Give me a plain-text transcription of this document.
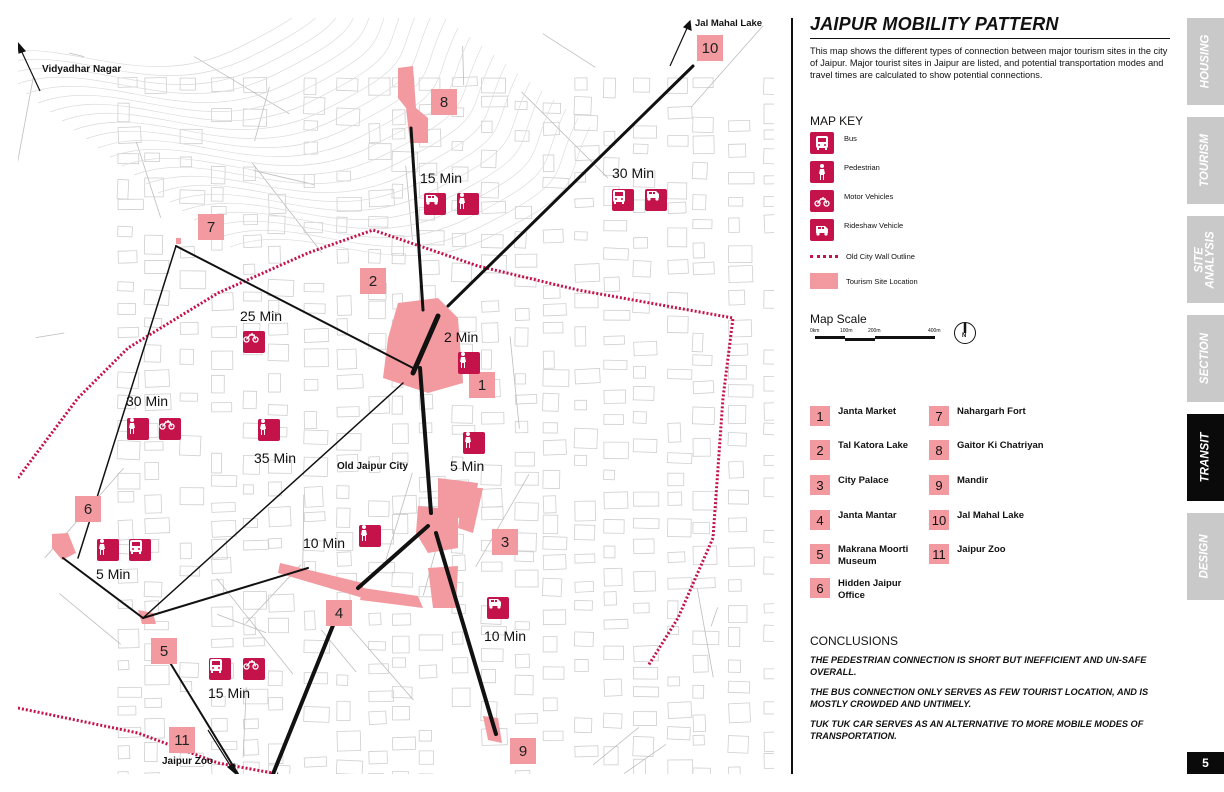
Vidyadhar Nagar
Jal Mahal Lake
Old Jaipur City
Jaipur Zoo
15 Min	30 Min
25 Min
2 Min
30 Min
35 Min	5 Min
10 Min
5 Min
10 Min
15 Min
1
2
3
4
5
6
7
8
9
10
11
JAIPUR MOBILITY PATTERN
This map shows the different types of connection between major tourism sites in the city of Jaipur. Major tourist sites in Jaipur are listed, and potential transportation modes and travel times are calculated to show potential connections.
MAP KEY
Bus
Pedestrian
Motor Vehicles
Rideshaw Vehicle
Old City Wall Outline
Tourism Site Location
Map Scale
0km	100m	200m	400m
N
1	Janta Market
2	Tal Katora Lake
3	City Palace
4	Janta Mantar
5	Makrana Moorti Museum
6	Hidden Jaipur Office
7	Nahargarh Fort
8	Gaitor Ki Chatriyan
9	Mandir
10 Jal Mahal Lake
11	Jaipur Zoo
CONCLUSIONS
THE PEDESTRIAN CONNECTION IS SHORT BUT INEFFICIENT AND UN-SAFE OVERALL.
THE BUS CONNECTION ONLY SERVES AS FEW TOURIST LOCATION, AND IS MOSTLY CROWDED AND UNTIMELY.
TUK TUK CAR SERVES AS AN ALTERNATIVE TO MORE MOBILE MODES OF TRANSPORTATION.
HOUSING
TOURISM
SITE ANALYSIS
SECTION
TRANSIT
DESIGN
5
